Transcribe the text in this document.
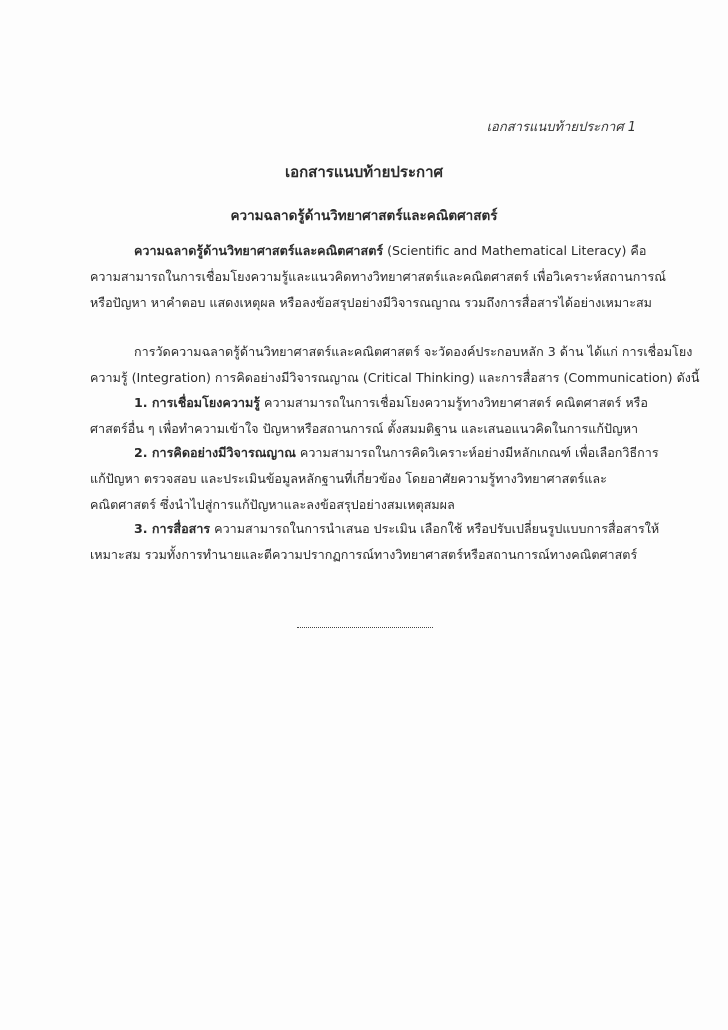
เอกสารแนบท้ายประกาศ 1
เอกสารแนบท้ายประกาศ
ความฉลาดรู้ด้านวิทยาศาสตร์และคณิตศาสตร์
ความฉลาดรู้ด้านวิทยาศาสตร์และคณิตศาสตร์ (Scientific and Mathematical Literacy) คือ
ความสามารถในการเชื่อมโยงความรู้และแนวคิดทางวิทยาศาสตร์และคณิตศาสตร์ เพื่อวิเคราะห์สถานการณ์
หรือปัญหา หาคำตอบ แสดงเหตุผล หรือลงข้อสรุปอย่างมีวิจารณญาณ รวมถึงการสื่อสารได้อย่างเหมาะสม
การวัดความฉลาดรู้ด้านวิทยาศาสตร์และคณิตศาสตร์ จะวัดองค์ประกอบหลัก 3 ด้าน ได้แก่ การเชื่อมโยง
ความรู้ (Integration) การคิดอย่างมีวิจารณญาณ (Critical Thinking) และการสื่อสาร (Communication) ดังนี้
1. การเชื่อมโยงความรู้ ความสามารถในการเชื่อมโยงความรู้ทางวิทยาศาสตร์ คณิตศาสตร์ หรือ
ศาสตร์อื่น ๆ เพื่อทำความเข้าใจ ปัญหาหรือสถานการณ์ ตั้งสมมติฐาน และเสนอแนวคิดในการแก้ปัญหา
2. การคิดอย่างมีวิจารณญาณ ความสามารถในการคิดวิเคราะห์อย่างมีหลักเกณฑ์ เพื่อเลือกวิธีการ
แก้ปัญหา ตรวจสอบ และประเมินข้อมูลหลักฐานที่เกี่ยวข้อง โดยอาศัยความรู้ทางวิทยาศาสตร์และ
คณิตศาสตร์ ซึ่งนำไปสู่การแก้ปัญหาและลงข้อสรุปอย่างสมเหตุสมผล
3. การสื่อสาร ความสามารถในการนำเสนอ ประเมิน เลือกใช้ หรือปรับเปลี่ยนรูปแบบการสื่อสารให้
เหมาะสม รวมทั้งการทำนายและตีความปรากฏการณ์ทางวิทยาศาสตร์หรือสถานการณ์ทางคณิตศาสตร์
